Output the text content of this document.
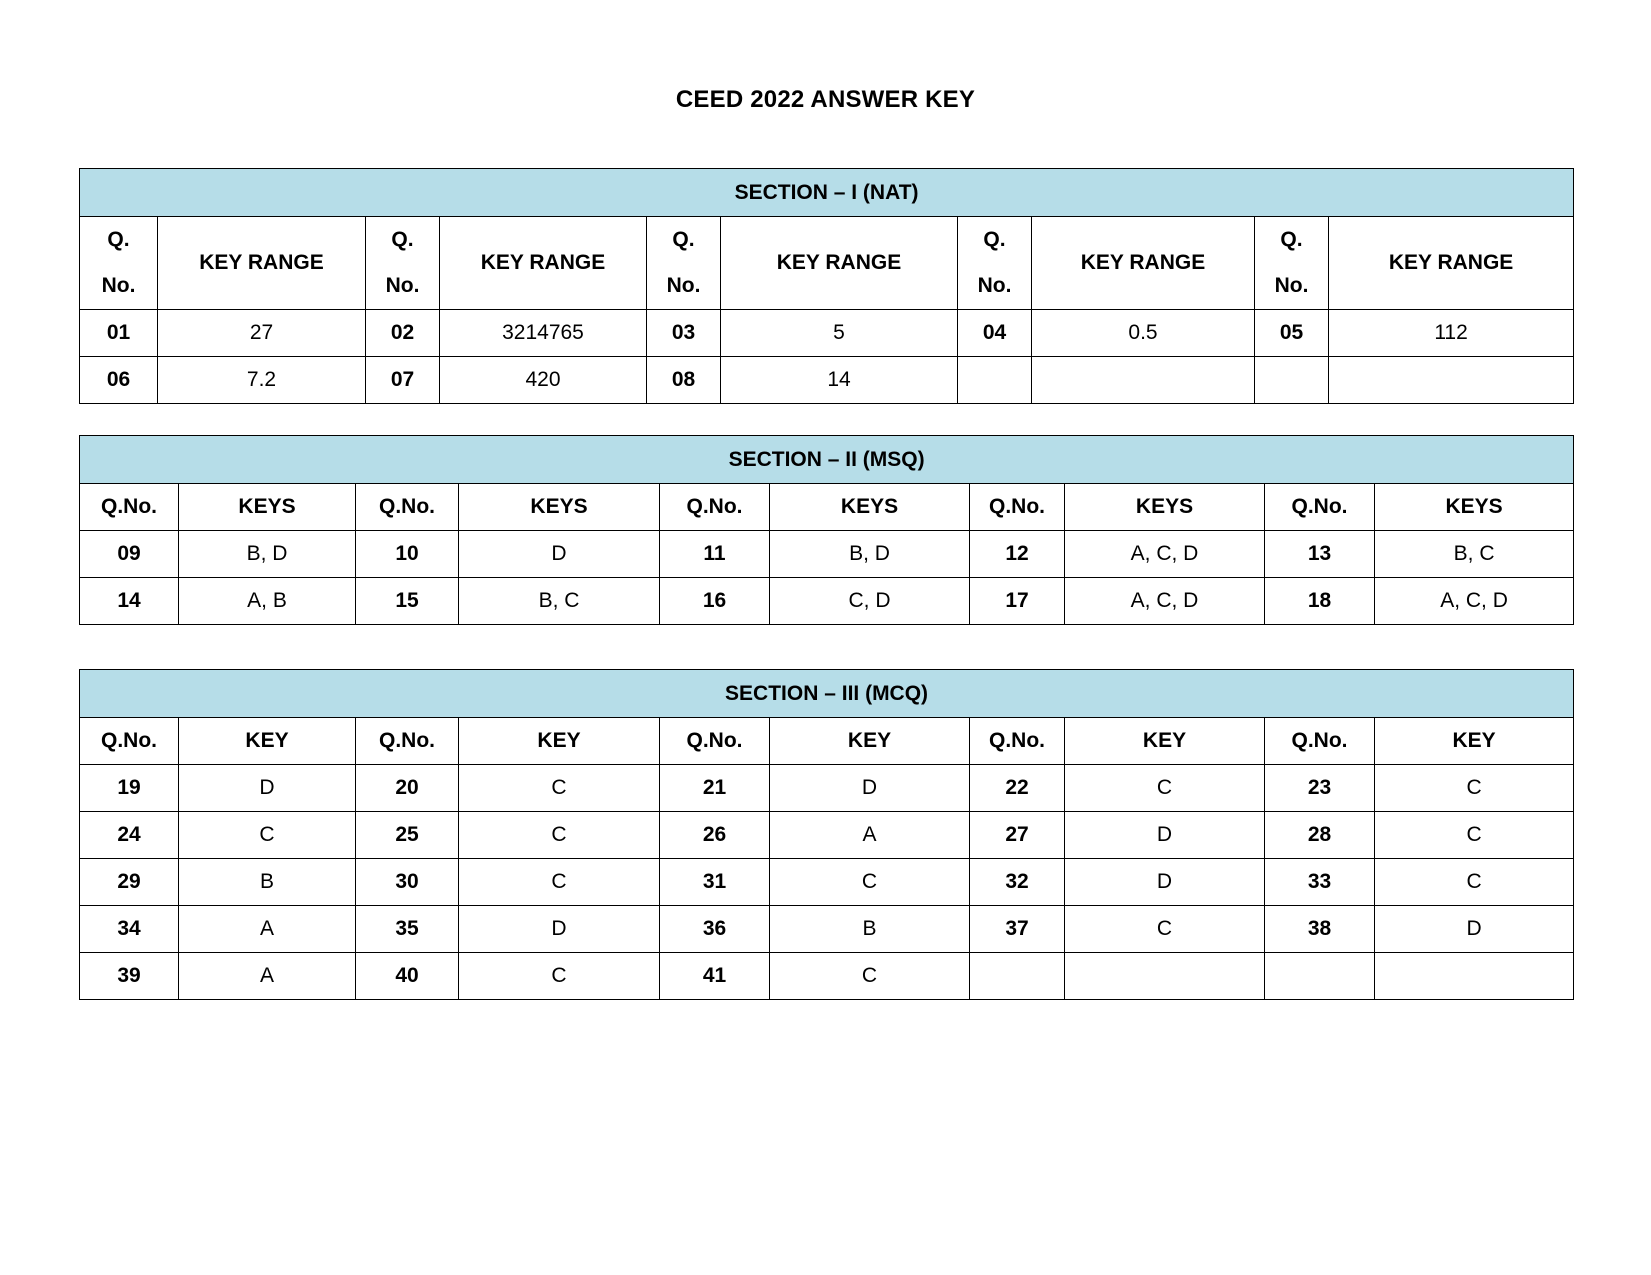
CEED 2022 ANSWER KEY
SECTION – I (NAT)									
Q.
No.	KEY RANGE	Q.
No.	KEY RANGE	Q.
No.	KEY RANGE	Q.
No.	KEY RANGE	Q.
No.	KEY RANGE
01	27	02	3214765	03	5	04	0.5	05	112
06	7.2	07	420	08	14				
SECTION – II (MSQ)									
Q.No.	KEYS	Q.No.	KEYS	Q.No.	KEYS	Q.No.	KEYS	Q.No.	KEYS
09	B, D	10	D	11	B, D	12	A, C, D	13	B, C
14	A, B	15	B, C	16	C, D	17	A, C, D	18	A, C, D
SECTION – III (MCQ)									
Q.No.	KEY	Q.No.	KEY	Q.No.	KEY	Q.No.	KEY	Q.No.	KEY
19	D	20	C	21	D	22	C	23	C
24	C	25	C	26	A	27	D	28	C
29	B	30	C	31	C	32	D	33	C
34	A	35	D	36	B	37	C	38	D
39	A	40	C	41	C				
